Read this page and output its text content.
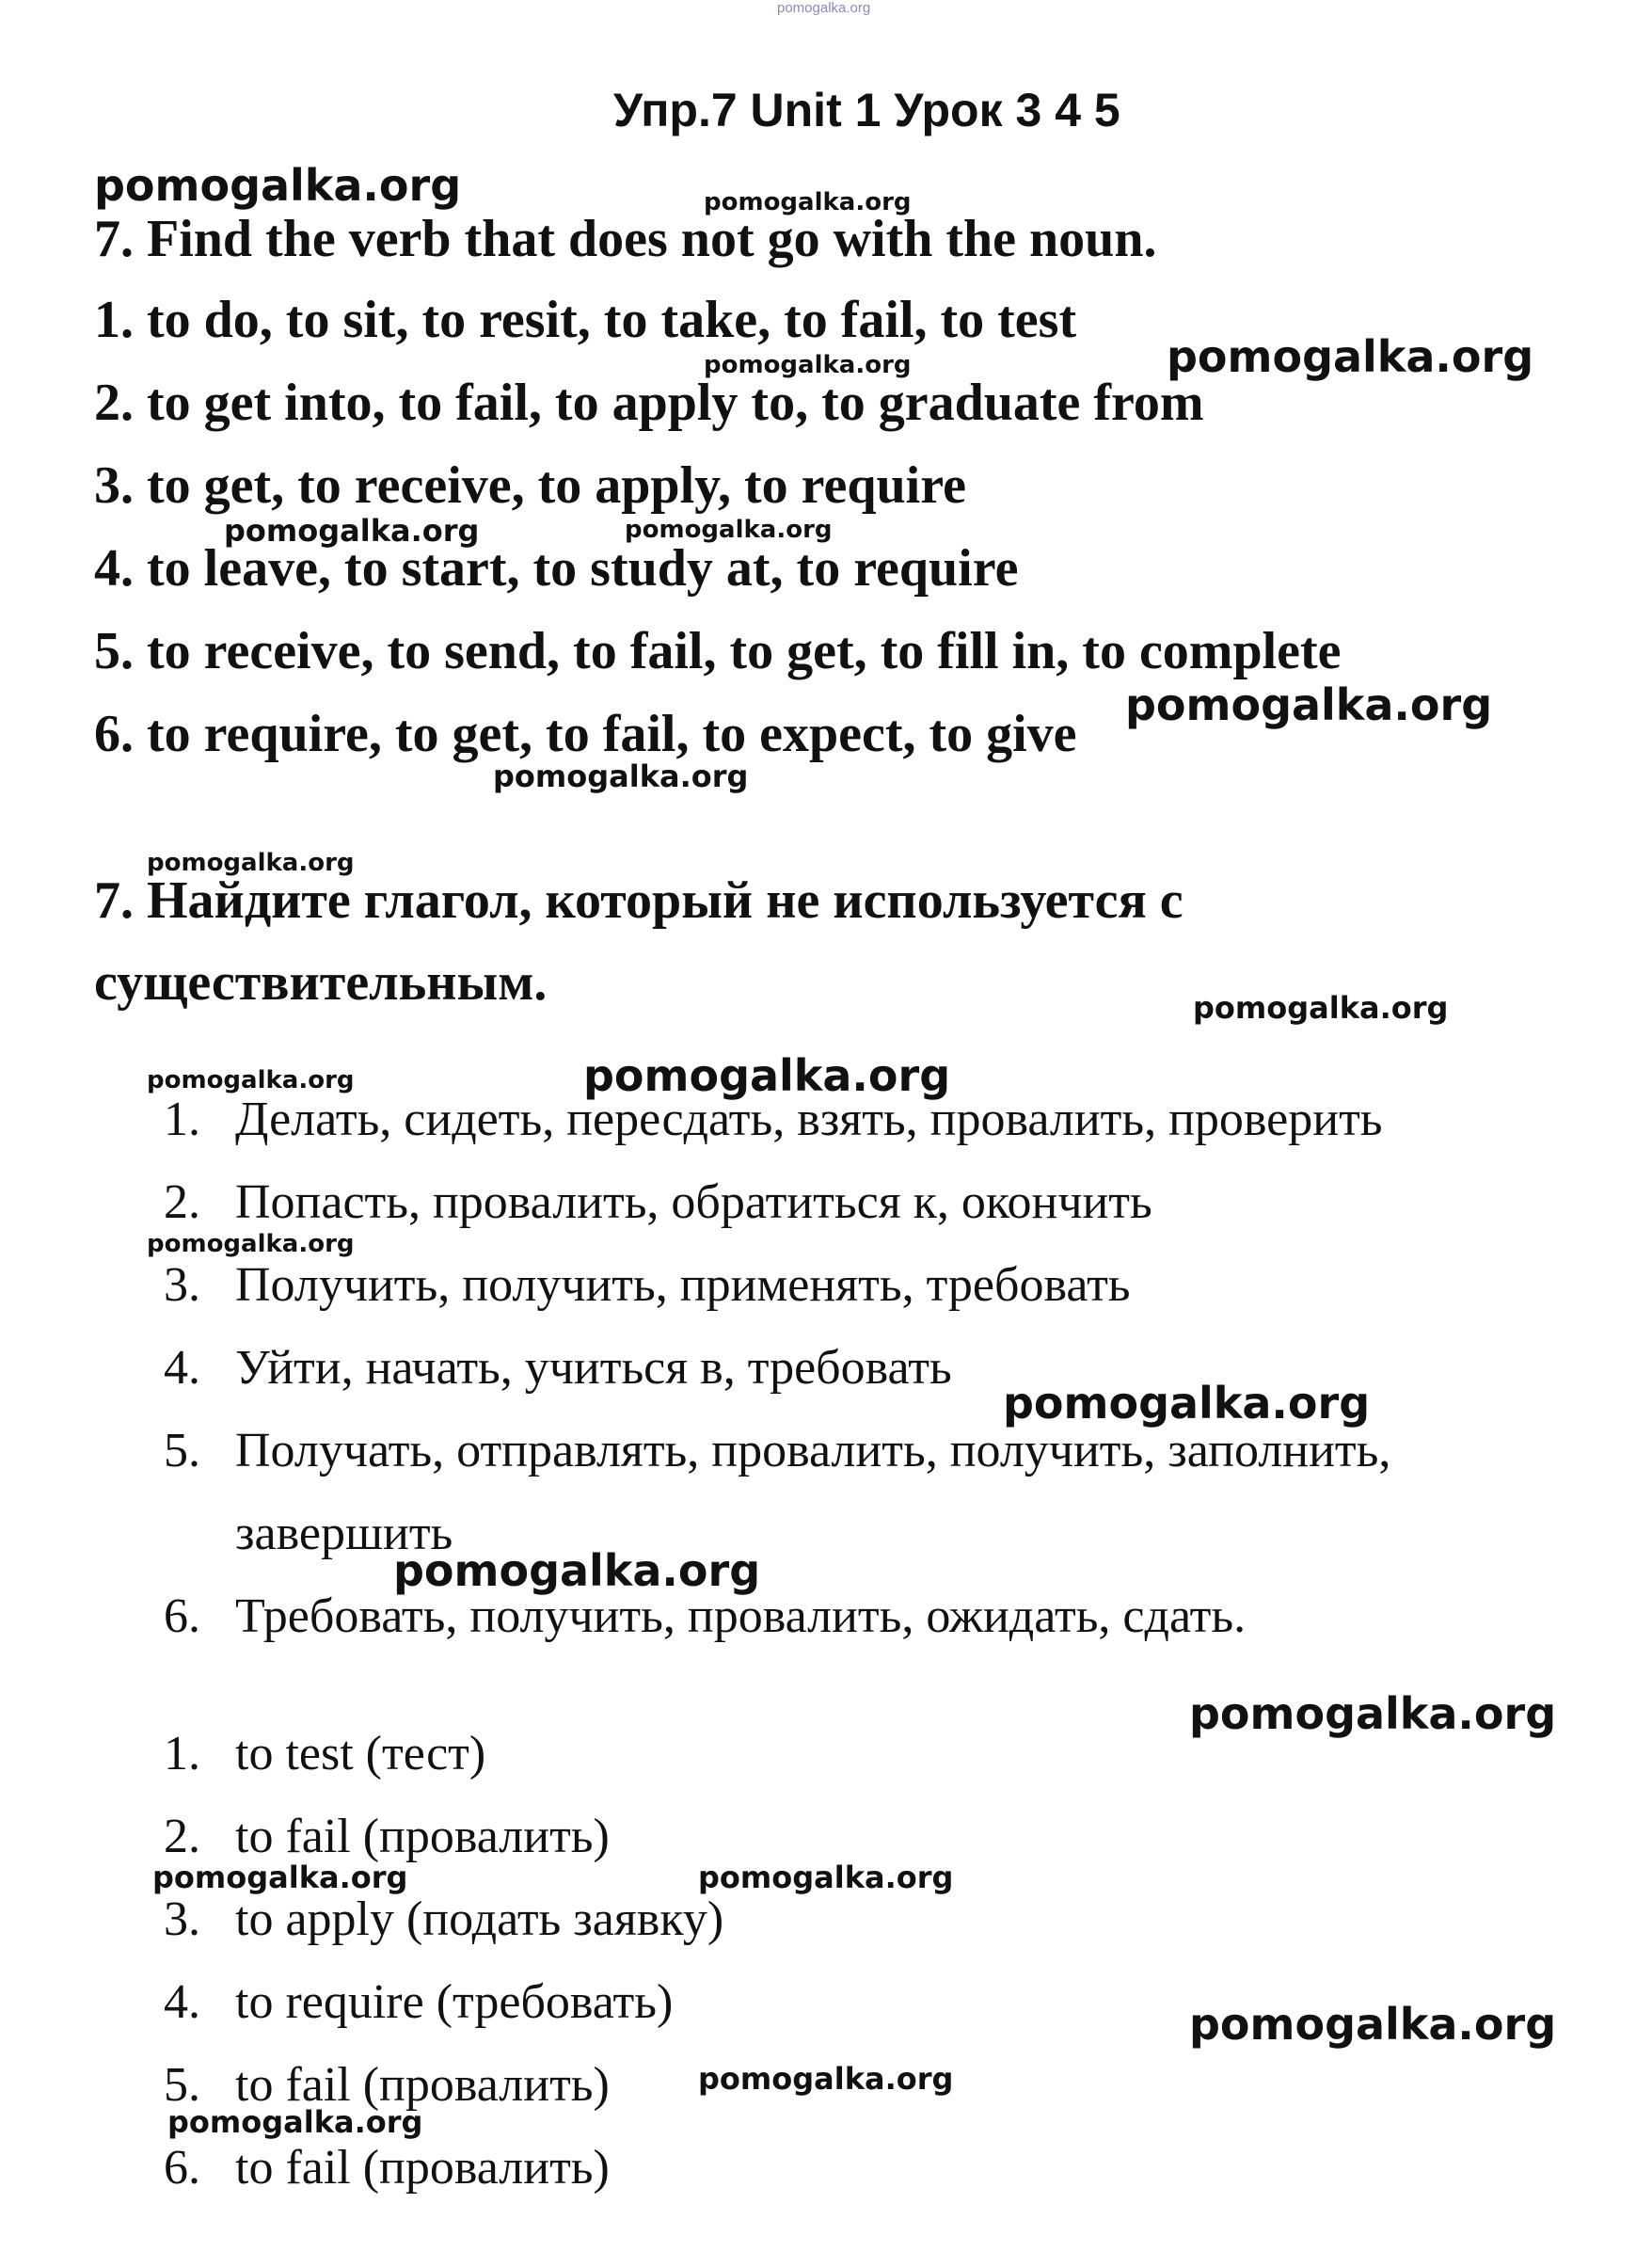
pomogalka.org
Упр.7 Unit 1 Урок 3 4 5
pomogalka.org	pomogalka.org
7. Find the verb that does not go with the noun.
1. to do, to sit, to resit, to take, to fail, to test
pomogalka.org	pomogalka.org
2. to get into, to fail, to apply to, to graduate from
3. to get, to receive, to apply, to require
pomogalka.org	pomogalka.org
4. to leave, to start, to study at, to require
5. to receive, to send, to fail, to get, to fill in, to complete
6. to require, to get, to fail, to expect, to give pomogalka.org
pomogalka.org
pomogalka.org
7. Найдите глагол, который не используется с
существительным.	pomogalka.org
pomogalka.org	pomogalka.org
1. Делать, сидеть, пересдать, взять, провалить, проверить
2. Попасть, провалить, обратиться к, окончить
pomogalka.org
3. Получить, получить, применять, требовать
4. Уйти, начать, учиться в, требовать
pomogalka.org
5. Получать, отправлять, провалить, получить, заполнить,
завершить
pomogalka.org
6. Требовать, получить, провалить, ожидать, сдать.
pomogalka.org
1. to test (тест)
2. to fail (провалить)
pomogalka.org	pomogalka.org
3. to apply (подать заявку)
4. to require (требовать)	pomogalka.org
5. to fail (провалить)	pomogalka.org
pomogalka.org
6. to fail (провалить)
